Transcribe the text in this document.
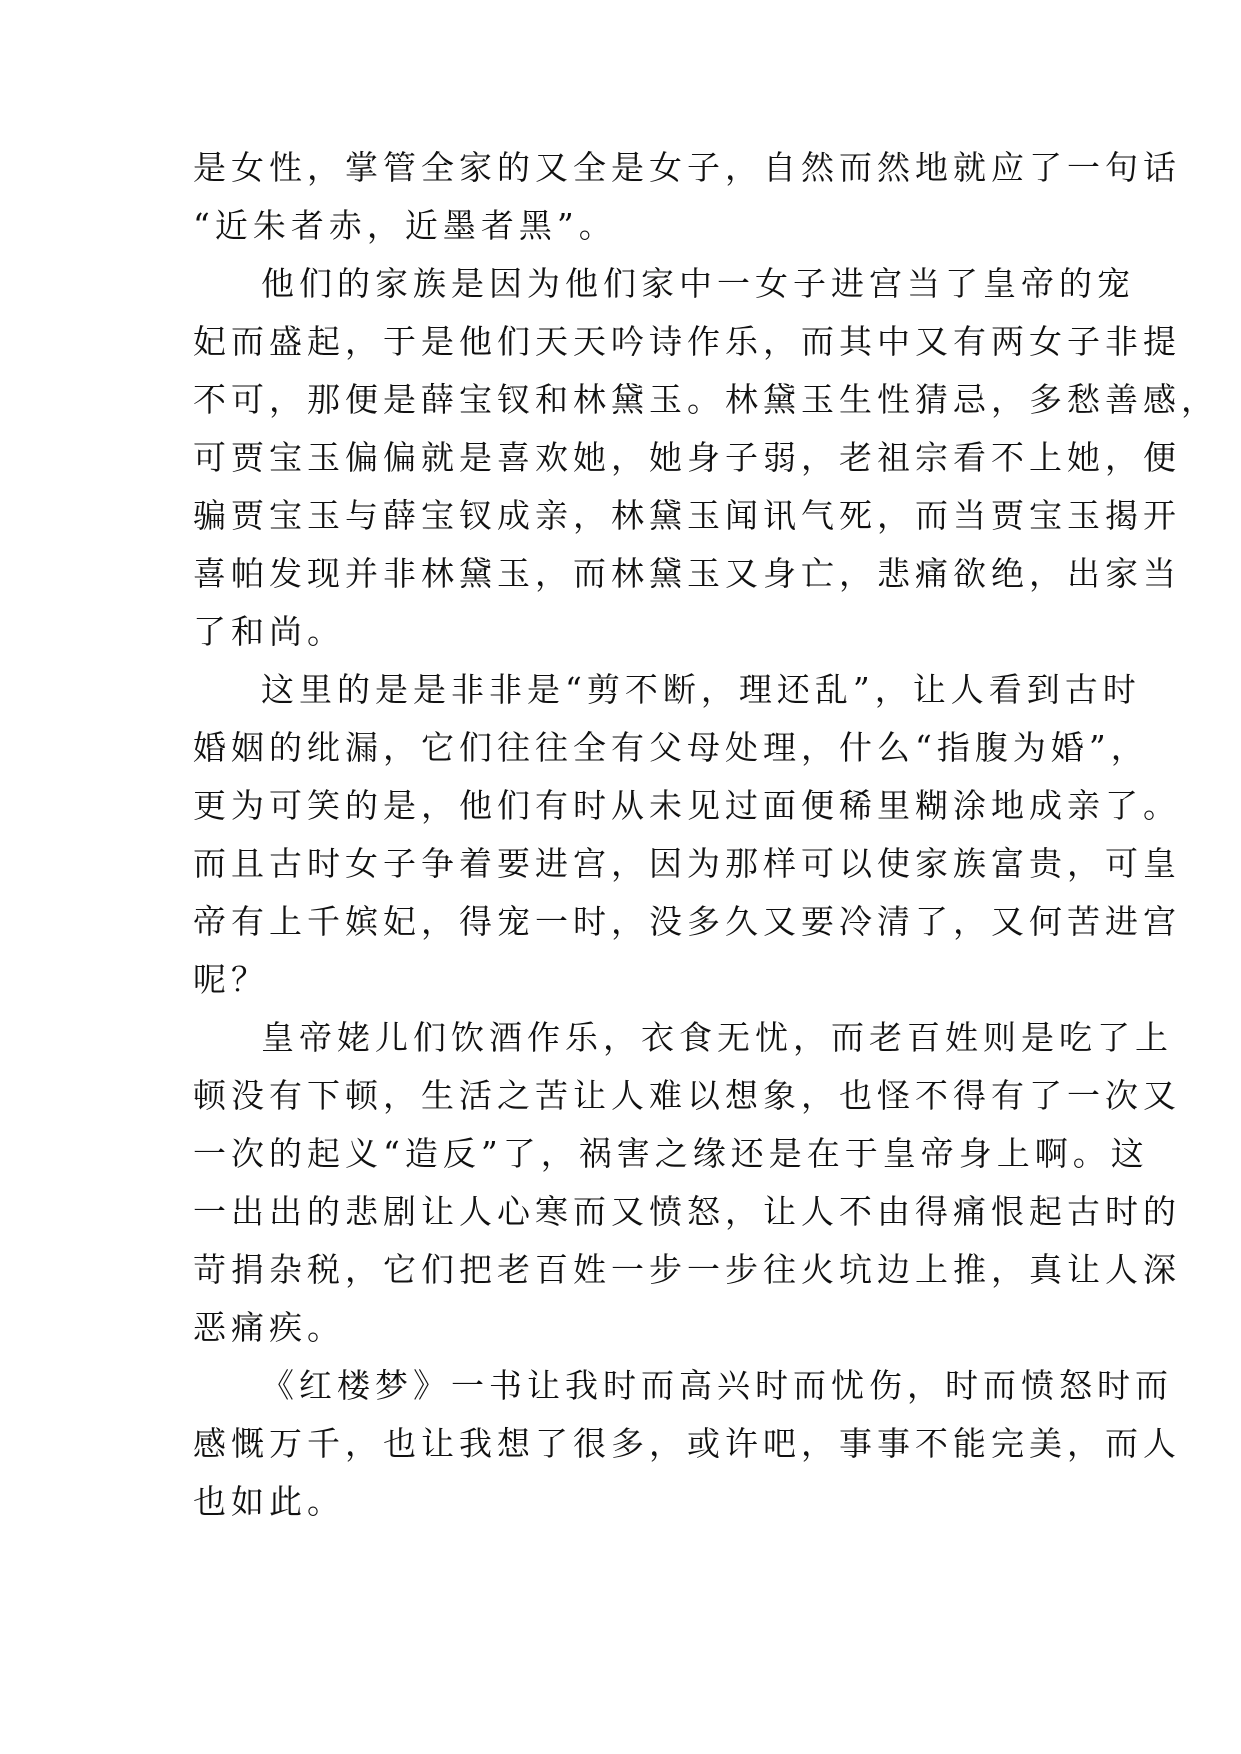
是女性，掌管全家的又全是女子，自然而然地就应了一句话
“近朱者赤，近墨者黑”。
他们的家族是因为他们家中一女子进宫当了皇帝的宠
妃而盛起，于是他们天天吟诗作乐，而其中又有两女子非提
不可，那便是薛宝钗和林黛玉。林黛玉生性猜忌，多愁善感，
可贾宝玉偏偏就是喜欢她，她身子弱，老祖宗看不上她，便
骗贾宝玉与薛宝钗成亲，林黛玉闻讯气死，而当贾宝玉揭开
喜帕发现并非林黛玉，而林黛玉又身亡，悲痛欲绝，出家当
了和尚。
这里的是是非非是“剪不断，理还乱”，让人看到古时
婚姻的纰漏，它们往往全有父母处理，什么“指腹为婚”，
更为可笑的是，他们有时从未见过面便稀里糊涂地成亲了。
而且古时女子争着要进宫，因为那样可以使家族富贵，可皇
帝有上千嫔妃，得宠一时，没多久又要冷清了，又何苦进宫
呢？
皇帝姥儿们饮酒作乐，衣食无忧，而老百姓则是吃了上
顿没有下顿，生活之苦让人难以想象，也怪不得有了一次又
一次的起义“造反”了，祸害之缘还是在于皇帝身上啊。这
一出出的悲剧让人心寒而又愤怒，让人不由得痛恨起古时的
苛捐杂税，它们把老百姓一步一步往火坑边上推，真让人深
恶痛疾。
《红楼梦》一书让我时而高兴时而忧伤，时而愤怒时而
感慨万千，也让我想了很多，或许吧，事事不能完美，而人
也如此。
